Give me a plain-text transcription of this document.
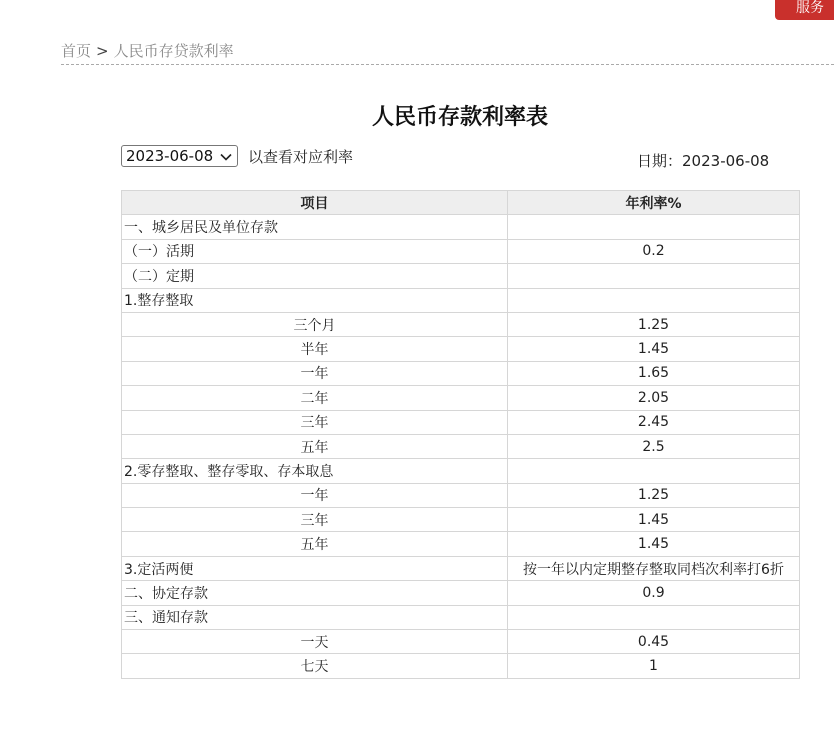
服务
首页 > 人民币存贷款利率
人民币存款利率表
2023-06-08 以查看对应利率	日期：2023-06-08
项目	年利率%
一、城乡居民及单位存款	
（一）活期	0.2
（二）定期	
1.整存整取	
三个月	1.25
半年	1.45
一年	1.65
二年	2.05
三年	2.45
五年	2.5
2.零存整取、整存零取、存本取息	
一年	1.25
三年	1.45
五年	1.45
3.定活两便	按一年以内定期整存整取同档次利率打6折
二、协定存款	0.9
三、通知存款	
一天	0.45
七天	1
